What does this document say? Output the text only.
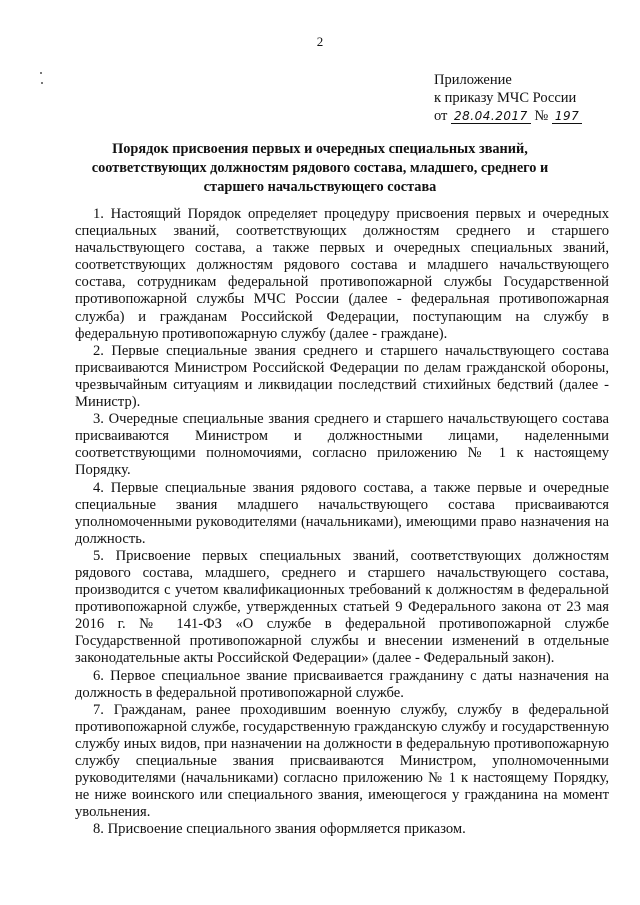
2
Приложение
к приказу МЧС России
от 28.04.2017 № 197
Порядок присвоения первых и очередных специальных званий, соответствующих должностям рядового состава, младшего, среднего и старшего начальствующего состава

1. Настоящий Порядок определяет процедуру присвоения первых и очередных специальных званий, соответствующих должностям среднего и старшего начальствующего состава, а также первых и очередных специальных званий, соответствующих должностям рядового состава и младшего начальствующего состава, сотрудникам федеральной противопожарной службы Государственной противопожарной службы МЧС России (далее - федеральная противопожарная служба) и гражданам Российской Федерации, поступающим на службу в федеральную противопожарную службу (далее - граждане).

2. Первые специальные звания среднего и старшего начальствующего состава присваиваются Министром Российской Федерации по делам гражданской обороны, чрезвычайным ситуациям и ликвидации последствий стихийных бедствий (далее - Министр).

3. Очередные специальные звания среднего и старшего начальствующего состава присваиваются Министром и должностными лицами, наделенными соответствующими полномочиями, согласно приложению № 1 к настоящему Порядку.

4. Первые специальные звания рядового состава, а также первые и очередные специальные звания младшего начальствующего состава присваиваются уполномоченными руководителями (начальниками), имеющими право назначения на должность.

5. Присвоение первых специальных званий, соответствующих должностям рядового состава, младшего, среднего и старшего начальствующего состава, производится с учетом квалификационных требований к должностям в федеральной противопожарной службе, утвержденных статьей 9 Федерального закона от 23 мая 2016 г. № 141-ФЗ «О службе в федеральной противопожарной службе Государственной противопожарной службы и внесении изменений в отдельные законодательные акты Российской Федерации» (далее - Федеральный закон).

6. Первое специальное звание присваивается гражданину с даты назначения на должность в федеральной противопожарной службе.

7. Гражданам, ранее проходившим военную службу, службу в федеральной противопожарной службе, государственную гражданскую службу и государственную службу иных видов, при назначении на должности в федеральную противопожарную службу специальные звания присваиваются Министром, уполномоченными руководителями (начальниками) согласно приложению № 1 к настоящему Порядку, не ниже воинского или специального звания, имеющегося у гражданина на момент увольнения.

8. Присвоение специального звания оформляется приказом.
